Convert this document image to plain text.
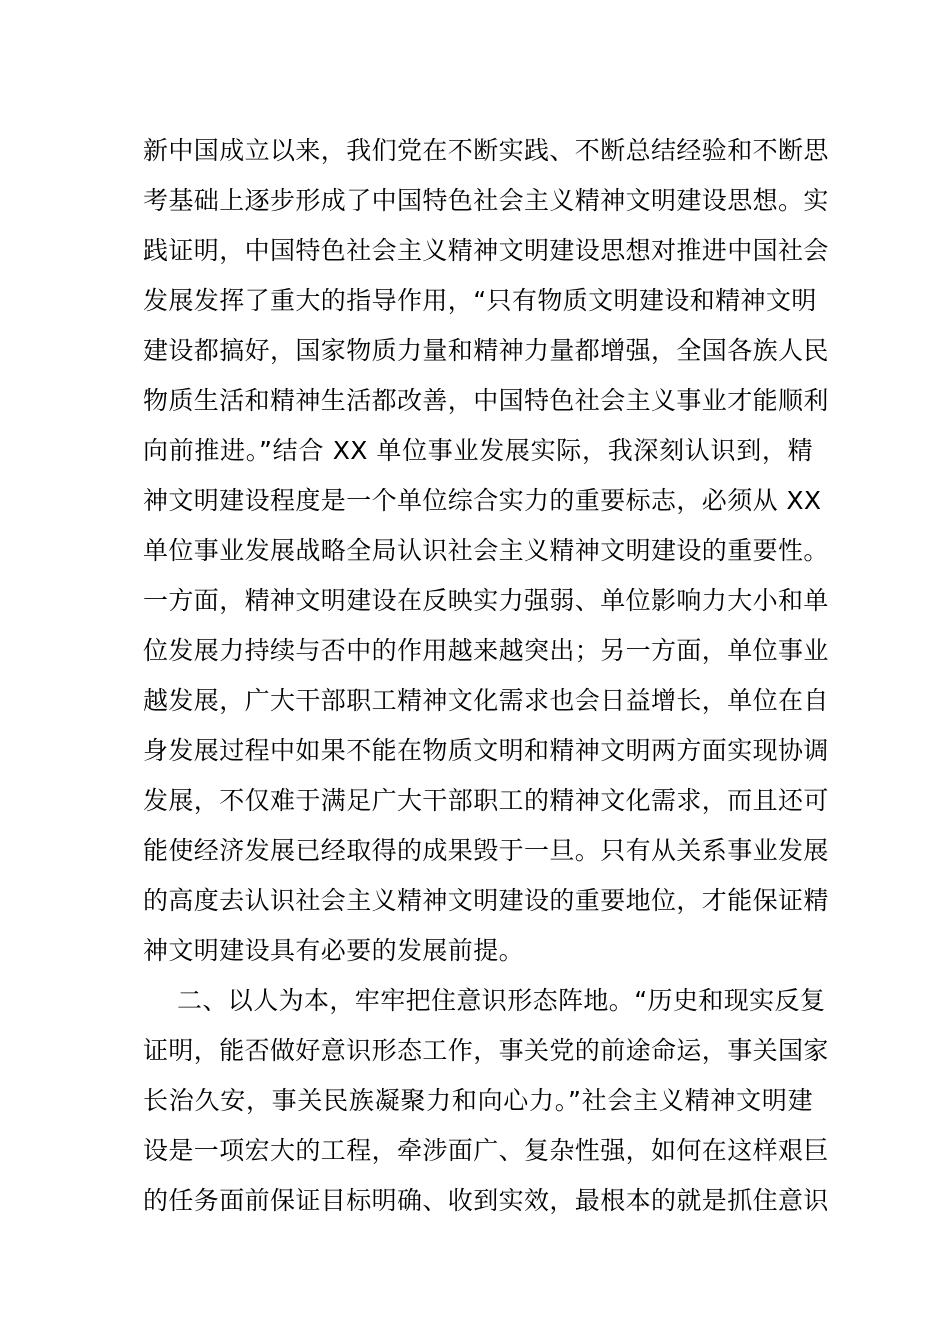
新中国成立以来，我们党在不断实践、不断总结经验和不断思
考基础上逐步形成了中国特色社会主义精神文明建设思想。实
践证明，中国特色社会主义精神文明建设思想对推进中国社会
发展发挥了重大的指导作用，“只有物质文明建设和精神文明
建设都搞好，国家物质力量和精神力量都增强，全国各族人民
物质生活和精神生活都改善，中国特色社会主义事业才能顺利
向前推进。”结合 XX 单位事业发展实际，我深刻认识到，精
神文明建设程度是一个单位综合实力的重要标志，必须从 XX
单位事业发展战略全局认识社会主义精神文明建设的重要性。
一方面，精神文明建设在反映实力强弱、单位影响力大小和单
位发展力持续与否中的作用越来越突出；另一方面，单位事业
越发展，广大干部职工精神文化需求也会日益增长，单位在自
身发展过程中如果不能在物质文明和精神文明两方面实现协调
发展，不仅难于满足广大干部职工的精神文化需求，而且还可
能使经济发展已经取得的成果毁于一旦。只有从关系事业发展
的高度去认识社会主义精神文明建设的重要地位，才能保证精
神文明建设具有必要的发展前提。
二、以人为本，牢牢把住意识形态阵地。“历史和现实反复
证明，能否做好意识形态工作，事关党的前途命运，事关国家
长治久安，事关民族凝聚力和向心力。”社会主义精神文明建
设是一项宏大的工程，牵涉面广、复杂性强，如何在这样艰巨
的任务面前保证目标明确、收到实效，最根本的就是抓住意识
